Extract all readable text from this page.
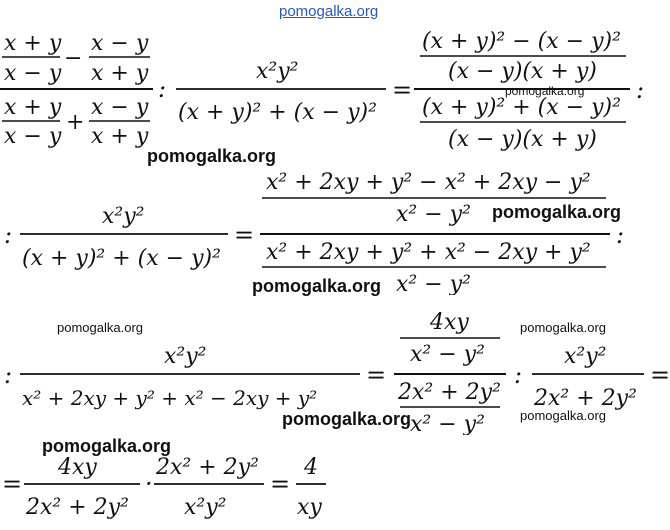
pomogalka.org
pomogalka.org
pomogalka.org
pomogalka.org
pomogalka.org
pomogalka.org	pomogalka.org
pomogalka.org	pomogalka.org
pomogalka.org
x + y
x − y
−
x − y
x + y
x + y
x − y
+
x − y
x + y
:
x²y²
(x + y)² + (x − y)²
=
(x + y)² − (x − y)²
(x − y)(x + y)
(x + y)² + (x − y)²
(x − y)(x + y)
:
:
x²y²
(x + y)² + (x − y)²
=
x² + 2xy + y² − x² + 2xy − y²
x² − y²
x² + 2xy + y² + x² − 2xy + y²
x² − y²
:
:
x²y²
x² + 2xy + y² + x² − 2xy + y²
=
4xy
x² − y²
2x² + 2y²
x² − y²
:
x²y²
2x² + 2y²
=
=
4xy
2x² + 2y²
·
2x² + 2y²
x²y²
=
4
xy
